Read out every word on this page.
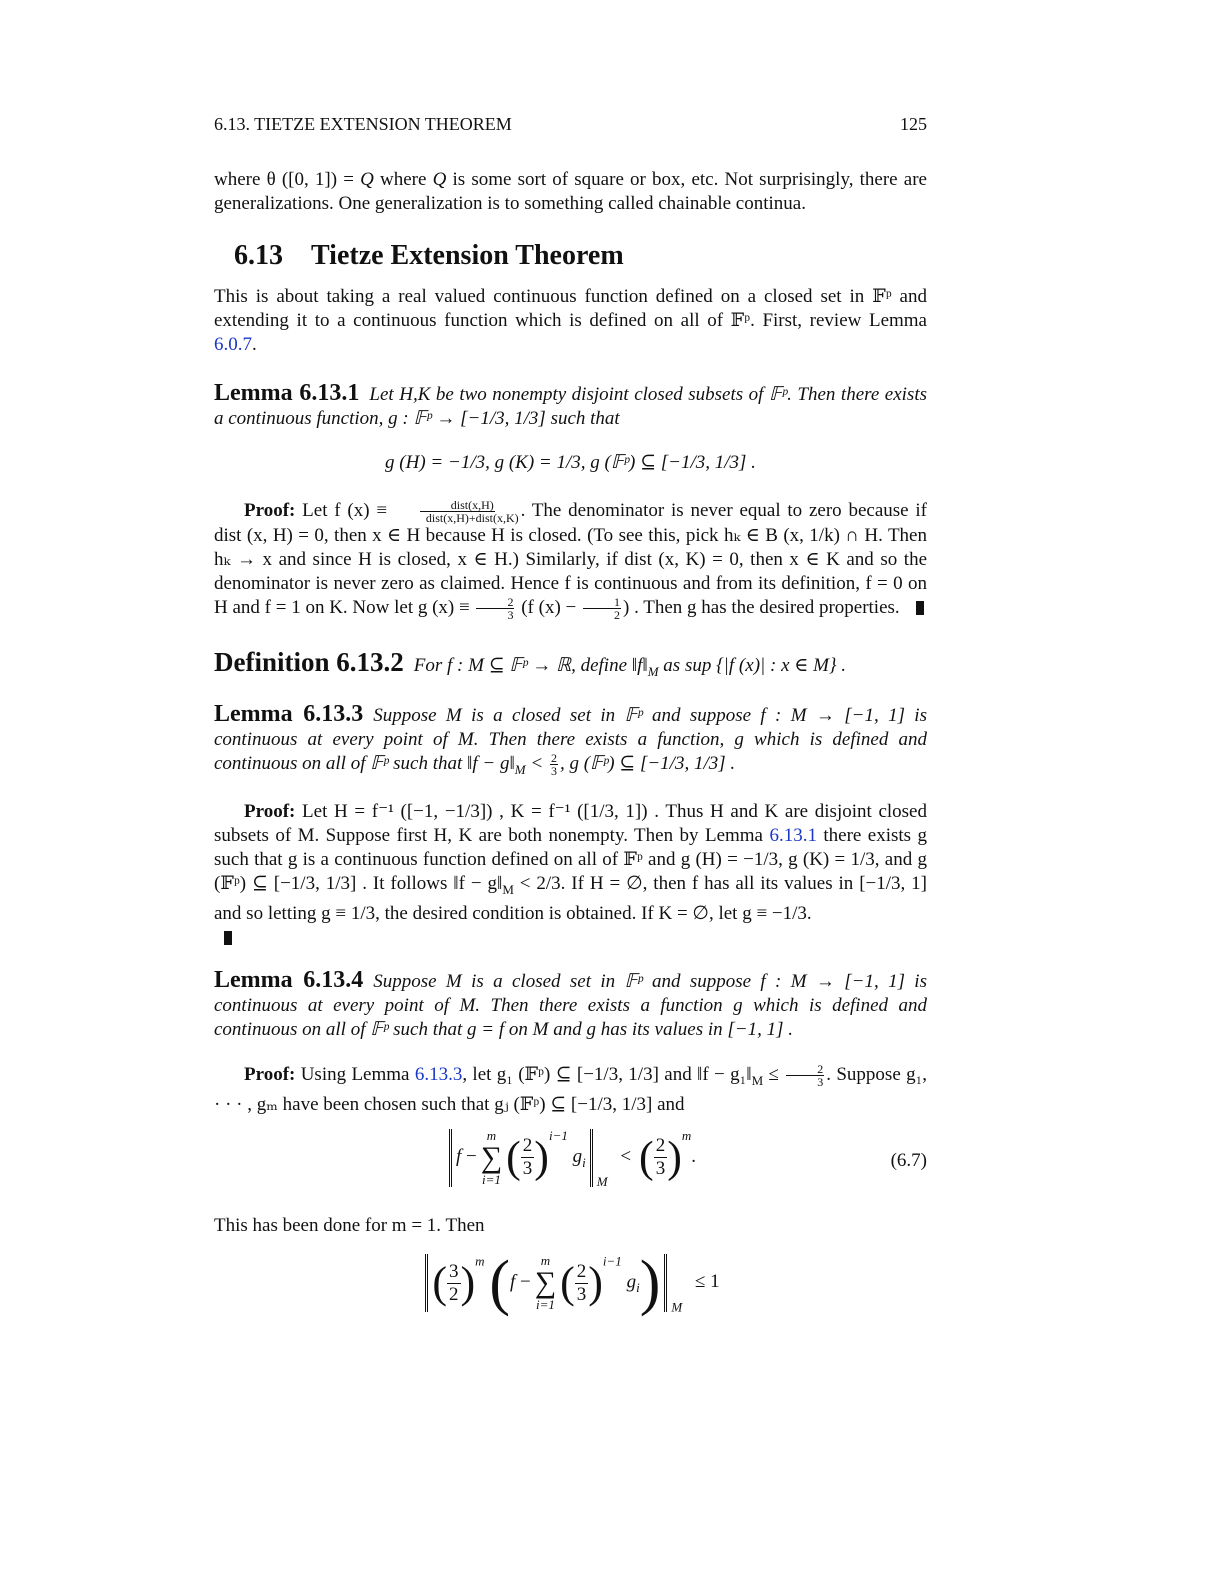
6.13. TIETZE EXTENSION THEOREM	125
where θ ([0, 1]) = Q where Q is some sort of square or box, etc. Not surprisingly, there are generalizations. One generalization is to something called chainable continua.
6.13 Tietze Extension Theorem
This is about taking a real valued continuous function defined on a closed set in 𝔽ᵖ and extending it to a continuous function which is defined on all of 𝔽ᵖ. First, review Lemma 6.0.7.
Lemma 6.13.1 Let H,K be two nonempty disjoint closed subsets of 𝔽ᵖ. Then there exists a continuous function, g : 𝔽ᵖ → [−1/3, 1/3] such that
g (H) = −1/3, g (K) = 1/3, g (𝔽ᵖ) ⊆ [−1/3, 1/3] .
Proof: Let f $(x) \equiv \frac{\text{dist(x,H)}}{\text{dist(x,H)+dist(x,K)}}$ . The denominator is never equal to zero because if dist (x, H) = 0, then x ∈ H because H is closed. (To see this, pick hₖ ∈ B (x, 1/k) ∩ H. Then hₖ → x and since H is closed, x ∈ H.) Similarly, if dist (x, K) = 0, then x ∈ K and so the denominator is never zero as claimed. Hence f is continuous and from its definition, f = 0 on H and f = 1 on K. Now let g $(x) \equiv \frac{2}{3} (f$ $(x) - \frac{1}{2}$ ) . Then g has the desired properties.
Definition 6.13.2 For f : M ⊆ 𝔽ᵖ → ℝ, define $‖f‖_M$ as sup {|f (x)| : x ∈ M} .
Lemma 6.13.3 Suppose M is a closed set in 𝔽ᵖ and suppose f : M → [−1, 1] is continuous at every point of M. Then there exists a function, g which is defined and continuous on all of 𝔽ᵖ such that ‖f − $g‖_M < \frac{2}{3}$ , g (𝔽ᵖ) ⊆ [−1/3, 1/3] .
Proof: Let H = f⁻¹ ([−1, −1/3]) , K = f⁻¹ ([1/3, 1]) . Thus H and K are disjoint closed subsets of M. Suppose first H, K are both nonempty. Then by Lemma 6.13.1 there exists g such that g is a continuous function defined on all of 𝔽ᵖ and g (H) = −1/3, g (K) = 1/3, and g (𝔽ᵖ) ⊆ [−1/3, 1/3] . It follows ‖f − $g‖_M < 2/3$. If H = ∅, then f has all its values in [−1/3, 1] and so letting g ≡ 1/3, the desired condition is obtained. If K = ∅, let g ≡ −1/3.

Lemma 6.13.4 Suppose M is a closed set in 𝔽ᵖ and suppose f : M → [−1, 1] is continuous at every point of M. Then there exists a function g which is defined and continuous on all of 𝔽ᵖ such that g = f on M and g has its values in [−1, 1] .
Proof: Using Lemma 6.13.3, let g₁ (𝔽ᵖ) ⊆ [−1/3, 1/3] and ‖f − $g_1‖_M \le \frac{2}{3}$ . Suppose g₁, · · · , gₘ have been chosen such that gⱼ (𝔽ᵖ) ⊆ [−1/3, 1/3] and
f −
m
∑
i=1 ( $\frac{2}{3} )^{i-1}$ $g_{iM}$ < ( $\frac{2}{3} )^m$.	(6.7)
This has been done for m = 1. Then
( $\frac{3}{2} )^m$ (f −
m
∑
i=1 ( $\frac{2}{3} )^{i-1}$ $g_i$) $_M$ ≤ 1
